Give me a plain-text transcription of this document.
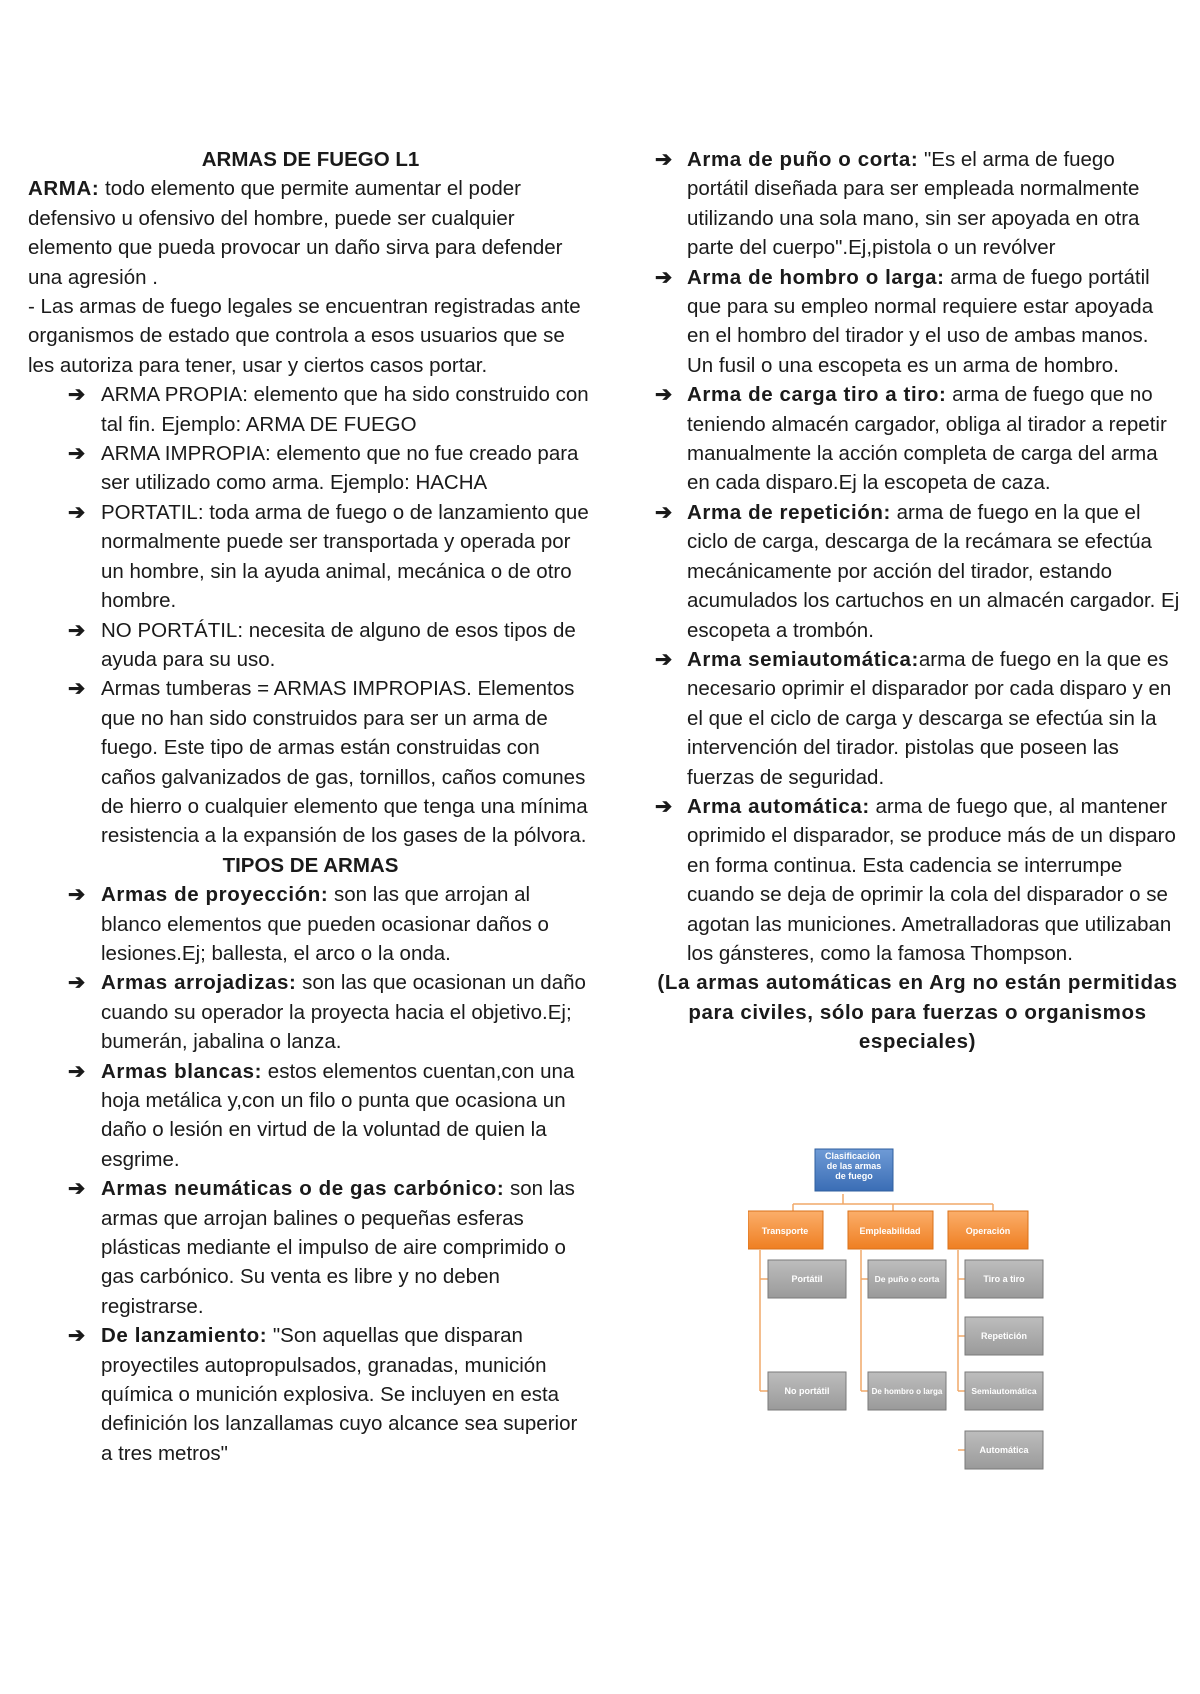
ARMAS DE FUEGO L1

ARMA: todo elemento que permite aumentar el poder defensivo u ofensivo del hombre, puede ser cualquier elemento que pueda provocar un daño sirva para defender una agresión .

- Las armas de fuego legales se encuentran registradas ante organismos de estado que controla a esos usuarios que se les autoriza para tener, usar y ciertos casos portar.

➔ ARMA PROPIA: elemento que ha sido construido con tal fin. Ejemplo: ARMA DE FUEGO
➔ ARMA IMPROPIA: elemento que no fue creado para ser utilizado como arma. Ejemplo: HACHA
➔ PORTATIL: toda arma de fuego o de lanzamiento que normalmente puede ser transportada y operada por un hombre, sin la ayuda animal, mecánica o de otro hombre.
➔ NO PORTÁTIL: necesita de alguno de esos tipos de ayuda para su uso.
➔ Armas tumberas = ARMAS IMPROPIAS. Elementos que no han sido construidos para ser un arma de fuego. Este tipo de armas están construidas con caños galvanizados de gas, tornillos, caños comunes de hierro o cualquier elemento que tenga una mínima resistencia a la expansión de los gases de la pólvora.

TIPOS DE ARMAS

➔ Armas de proyección: son las que arrojan al blanco elementos que pueden ocasionar daños o lesiones.Ej; ballesta, el arco o la onda.
➔ Armas arrojadizas: son las que ocasionan un daño cuando su operador la proyecta hacia el objetivo.Ej; bumerán, jabalina o lanza.
➔ Armas blancas: estos elementos cuentan,con una hoja metálica y,con un filo o punta que ocasiona un daño o lesión en virtud de la voluntad de quien la esgrime.
➔ Armas neumáticas o de gas carbónico: son las armas que arrojan balines o pequeñas esferas plásticas mediante el impulso de aire comprimido o gas carbónico. Su venta es libre y no deben registrarse.
➔ De lanzamiento: "Son aquellas que disparan proyectiles autopropulsados, granadas, munición química o munición explosiva. Se incluyen en esta definición los lanzallamas cuyo alcance sea superior a tres metros"
➔ Arma de puño o corta: "Es el arma de fuego portátil diseñada para ser empleada normalmente utilizando una sola mano, sin ser apoyada en otra parte del cuerpo".Ej,pistola o un revólver
➔ Arma de hombro o larga: arma de fuego portátil que para su empleo normal requiere estar apoyada en el hombro del tirador y el uso de ambas manos. Un fusil o una escopeta es un arma de hombro.
➔ Arma de carga tiro a tiro: arma de fuego que no teniendo almacén cargador, obliga al tirador a repetir manualmente la acción completa de carga del arma en cada disparo.Ej la escopeta de caza.
➔ Arma de repetición: arma de fuego en la que el ciclo de carga, descarga de la recámara se efectúa mecánicamente por acción del tirador, estando acumulados los cartuchos en un almacén cargador. Ej escopeta a trombón.
➔ Arma semiautomática:arma de fuego en la que es necesario oprimir el disparador por cada disparo y en el que el ciclo de carga y descarga se efectúa sin la intervención del tirador. pistolas que poseen las fuerzas de seguridad.
➔ Arma automática: arma de fuego que, al mantener oprimido el disparador, se produce más de un disparo en forma continua. Esta cadencia se interrumpe cuando se deja de oprimir la cola del disparador o se agotan las municiones. Ametralladoras que utilizaban los gánsteres, como la famosa Thompson.

(La armas automáticas en Arg no están permitidas para civiles, sólo para fuerzas o organismos especiales)

Clasificación de las armas de fuego
Transporte	Empleabilidad	Operación
Portátil
No portátil
De puño o corta
De hombro o larga
Tiro a tiro
Repetición
Semiautomática
Automática
